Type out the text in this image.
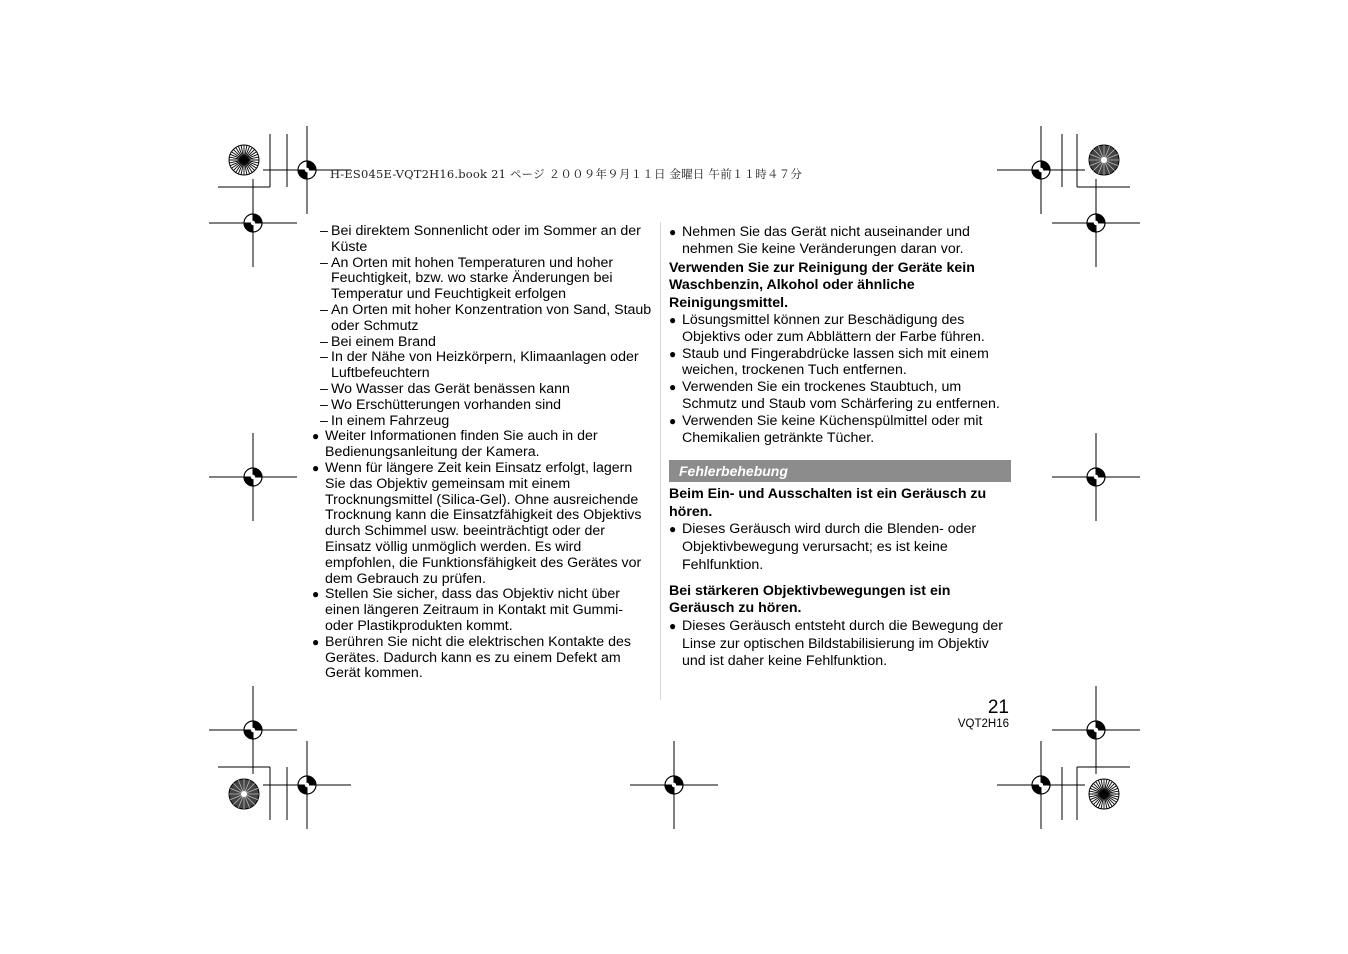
H-ES045E-VQT2H16.book 21 ページ ２００９年９月１１日 金曜日 午前１１時４７分
– Bei direktem Sonnenlicht oder im Sommer an der Küste
– An Orten mit hohen Temperaturen und hoher Feuchtigkeit, bzw. wo starke Änderungen bei Temperatur und Feuchtigkeit erfolgen
– An Orten mit hoher Konzentration von Sand, Staub oder Schmutz
– Bei einem Brand
– In der Nähe von Heizkörpern, Klimaanlagen oder Luftbefeuchtern
– Wo Wasser das Gerät benässen kann
– Wo Erschütterungen vorhanden sind
– In einem Fahrzeug
● Weiter Informationen finden Sie auch in der Bedienungsanleitung der Kamera.
● Wenn für längere Zeit kein Einsatz erfolgt, lagern Sie das Objektiv gemeinsam mit einem Trocknungsmittel (Silica-Gel). Ohne ausreichende Trocknung kann die Einsatzfähigkeit des Objektivs durch Schimmel usw. beeinträchtigt oder der Einsatz völlig unmöglich werden. Es wird empfohlen, die Funktionsfähigkeit des Gerätes vor dem Gebrauch zu prüfen.
● Stellen Sie sicher, dass das Objektiv nicht über einen längeren Zeitraum in Kontakt mit Gummi- oder Plastikprodukten kommt.
● Berühren Sie nicht die elektrischen Kontakte des Gerätes. Dadurch kann es zu einem Defekt am Gerät kommen.
● Nehmen Sie das Gerät nicht auseinander und nehmen Sie keine Veränderungen daran vor.

Verwenden Sie zur Reinigung der Geräte kein Waschbenzin, Alkohol oder ähnliche Reinigungsmittel.

● Lösungsmittel können zur Beschädigung des Objektivs oder zum Abblättern der Farbe führen.
● Staub und Fingerabdrücke lassen sich mit einem weichen, trockenen Tuch entfernen.
● Verwenden Sie ein trockenes Staubtuch, um Schmutz und Staub vom Schärfering zu entfernen.
● Verwenden Sie keine Küchenspülmittel oder mit Chemikalien getränkte Tücher.
Fehlerbehebung

Beim Ein- und Ausschalten ist ein Geräusch zu hören.

● Dieses Geräusch wird durch die Blenden- oder Objektivbewegung verursacht; es ist keine Fehlfunktion.

Bei stärkeren Objektivbewegungen ist ein Geräusch zu hören.

● Dieses Geräusch entsteht durch die Bewegung der Linse zur optischen Bildstabilisierung im Objektiv und ist daher keine Fehlfunktion.
21
VQT2H16
